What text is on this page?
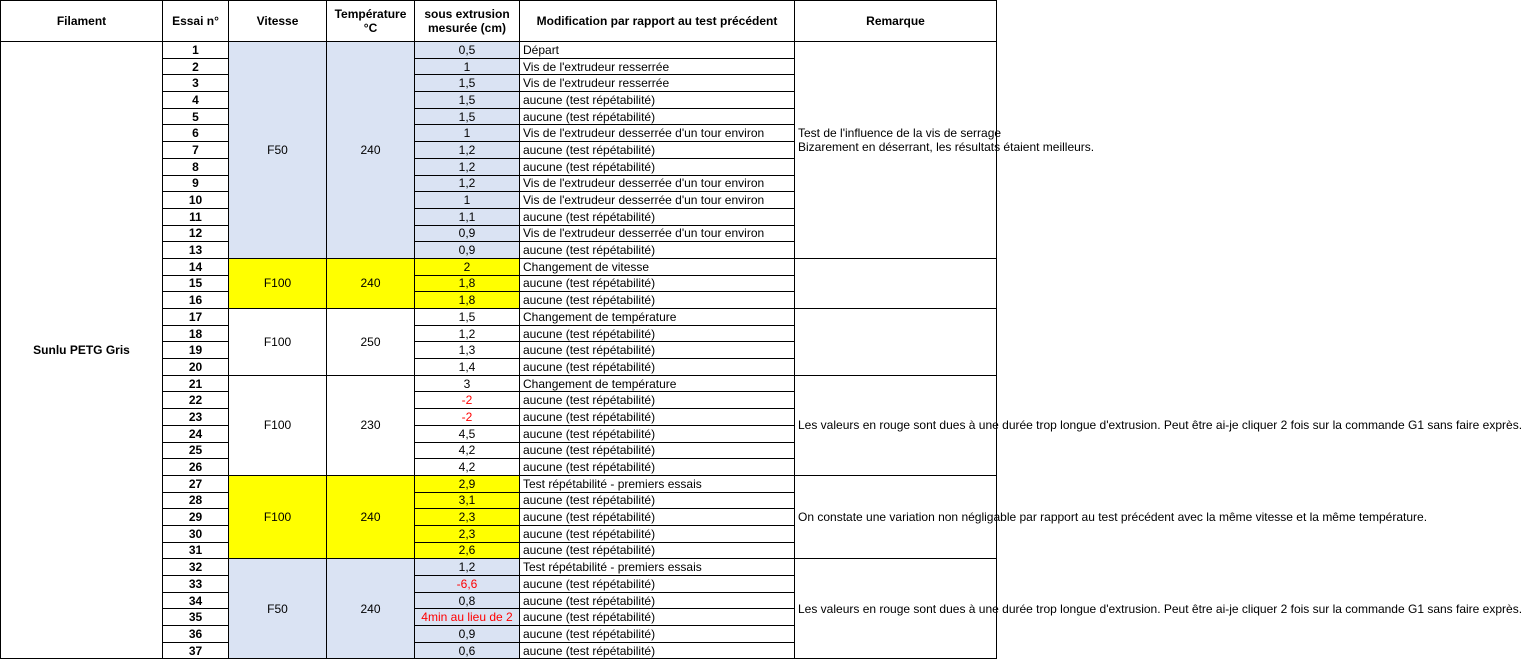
Filament	Essai n°	Vitesse	Température °C	sous extrusion mesurée (cm)	Modification par rapport au test précédent	Remarque
Sunlu PETG Gris	1	F50	240	0,5	Départ	Test de l'influence de la vis de serrage
Bizarement en déserrant, les résultats étaient meilleurs.

	2			1	Vis de l'extrudeur resserrée	
	3			1,5	Vis de l'extrudeur resserrée	
	4			1,5	aucune (test répétabilité)	
	5			1,5	aucune (test répétabilité)	
	6			1	Vis de l'extrudeur desserrée d'un tour environ	
	7			1,2	aucune (test répétabilité)	
	8			1,2	aucune (test répétabilité)	
	9			1,2	Vis de l'extrudeur desserrée d'un tour environ	
	10			1	Vis de l'extrudeur desserrée d'un tour environ	
	11			1,1	aucune (test répétabilité)	
	12			0,9	Vis de l'extrudeur desserrée d'un tour environ	
	13			0,9	aucune (test répétabilité)	
	14	F100	240	2	Changement de vitesse	
	15			1,8	aucune (test répétabilité)	
	16			1,8	aucune (test répétabilité)	
	17	F100	250	1,5	Changement de température	
	18			1,2	aucune (test répétabilité)	
	19			1,3	aucune (test répétabilité)	
	20			1,4	aucune (test répétabilité)	
	21	F100	230	3	Changement de température	Les valeurs en rouge sont dues à une durée trop longue d'extrusion. Peut être ai-je cliquer 2 fois sur la commande G1 sans faire exprès.
	22			-2	aucune (test répétabilité)	
	23			-2	aucune (test répétabilité)	
	24			4,5	aucune (test répétabilité)	
	25			4,2	aucune (test répétabilité)	
	26			4,2	aucune (test répétabilité)	
	27	F100	240	2,9	Test répétabilité - premiers essais	On constate une variation non négligable par rapport au test précédent avec la même vitesse et la même température.
	28			3,1	aucune (test répétabilité)	
	29			2,3	aucune (test répétabilité)	
	30			2,3	aucune (test répétabilité)	
	31			2,6	aucune (test répétabilité)	
	32	F50	240	1,2	Test répétabilité - premiers essais	Les valeurs en rouge sont dues à une durée trop longue d'extrusion. Peut être ai-je cliquer 2 fois sur la commande G1 sans faire exprès.
	33			-6,6	aucune (test répétabilité)	
	34			0,8	aucune (test répétabilité)	
	35			4min au lieu de 2	aucune (test répétabilité)	
	36			0,9	aucune (test répétabilité)	
	37			0,6	aucune (test répétabilité)	
